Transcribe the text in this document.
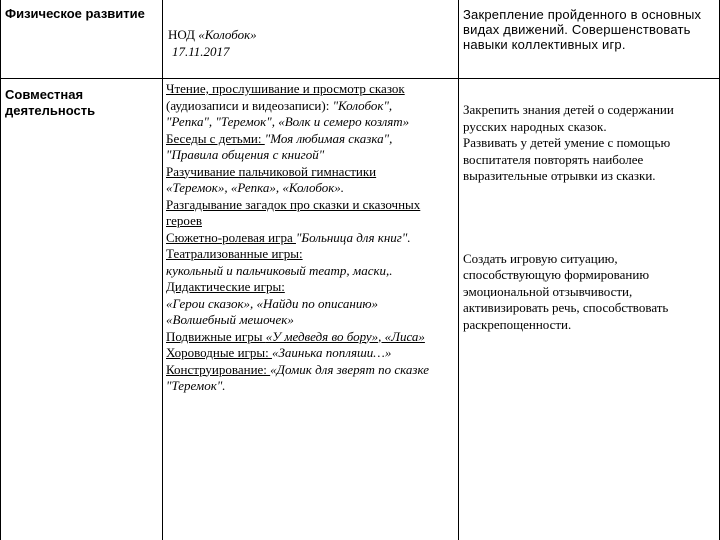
Физическое развитие
НОД «Колобок»
17.11.2017
Закрепление пройденного в основных видах движений. Совершенствовать навыки коллективных игр.
Совместная деятельность
Чтение, прослушивание и просмотр сказок
(аудиозаписи и видеозаписи): "Колобок",
"Репка", "Теремок", «Волк и семеро козлят»
Беседы с детьми: "Моя любимая сказка",
"Правила общения с книгой"
Разучивание пальчиковой гимнастики
«Теремок», «Репка», «Колобок».
Разгадывание загадок про сказки и сказочных
героев
Сюжетно-ролевая игра "Больница для книг".
Театрализованные игры:
кукольный и пальчиковый театр, маски,.
Дидактические игры:
«Герои сказок», «Найди по описанию»
«Волшебный мешочек»
Подвижные игры «У медведя во бору», «Лиса»
Хороводные игры: «Заинька попляши…»
Конструирование: «Домик для зверят по сказке
"Теремок".
Закрепить знания детей о содержании
русских народных сказок.
Развивать у детей умение с помощью
воспитателя повторять наиболее
выразительные отрывки из сказки.
Создать игровую ситуацию,
способствующую формированию
эмоциональной отзывчивости,
активизировать речь, способствовать
раскрепощенности.
